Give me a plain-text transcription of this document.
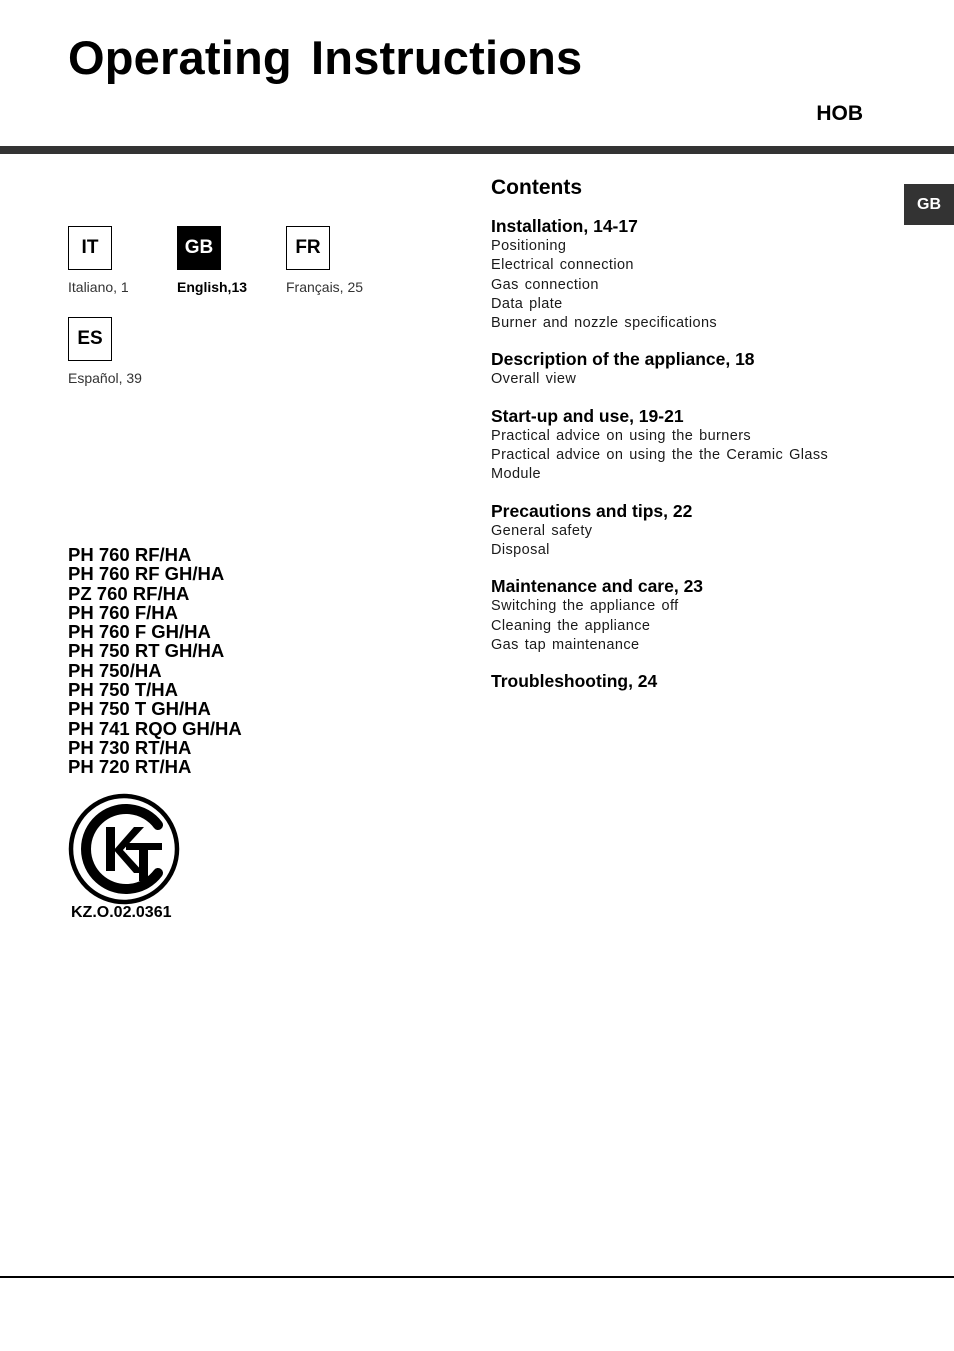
Operating Instructions
HOB
IT
Italiano, 1
GB
English,13
FR
Français, 25
ES
Español, 39
PH 760 RF/HA
PH 760 RF GH/HA
PZ 760 RF/HA
PH 760 F/HA
PH 760 F GH/HA
PH 750 RT GH/HA
PH 750/HA
PH 750 T/HA
PH 750 T GH/HA
PH 741 RQO GH/HA
PH 730 RT/HA
PH 720 RT/HA
KZ.O.02.0361
Contents
Installation, 14-17
Positioning
Electrical connection
Gas connection
Data plate
Burner and nozzle specifications
Description of the appliance, 18
Overall view
Start-up and use, 19-21
Practical advice on using the burners
Practical advice on using the the Ceramic Glass Module
Precautions and tips, 22
General safety
Disposal
Maintenance and care, 23
Switching the appliance off
Cleaning the appliance
Gas tap maintenance
Troubleshooting, 24
GB
